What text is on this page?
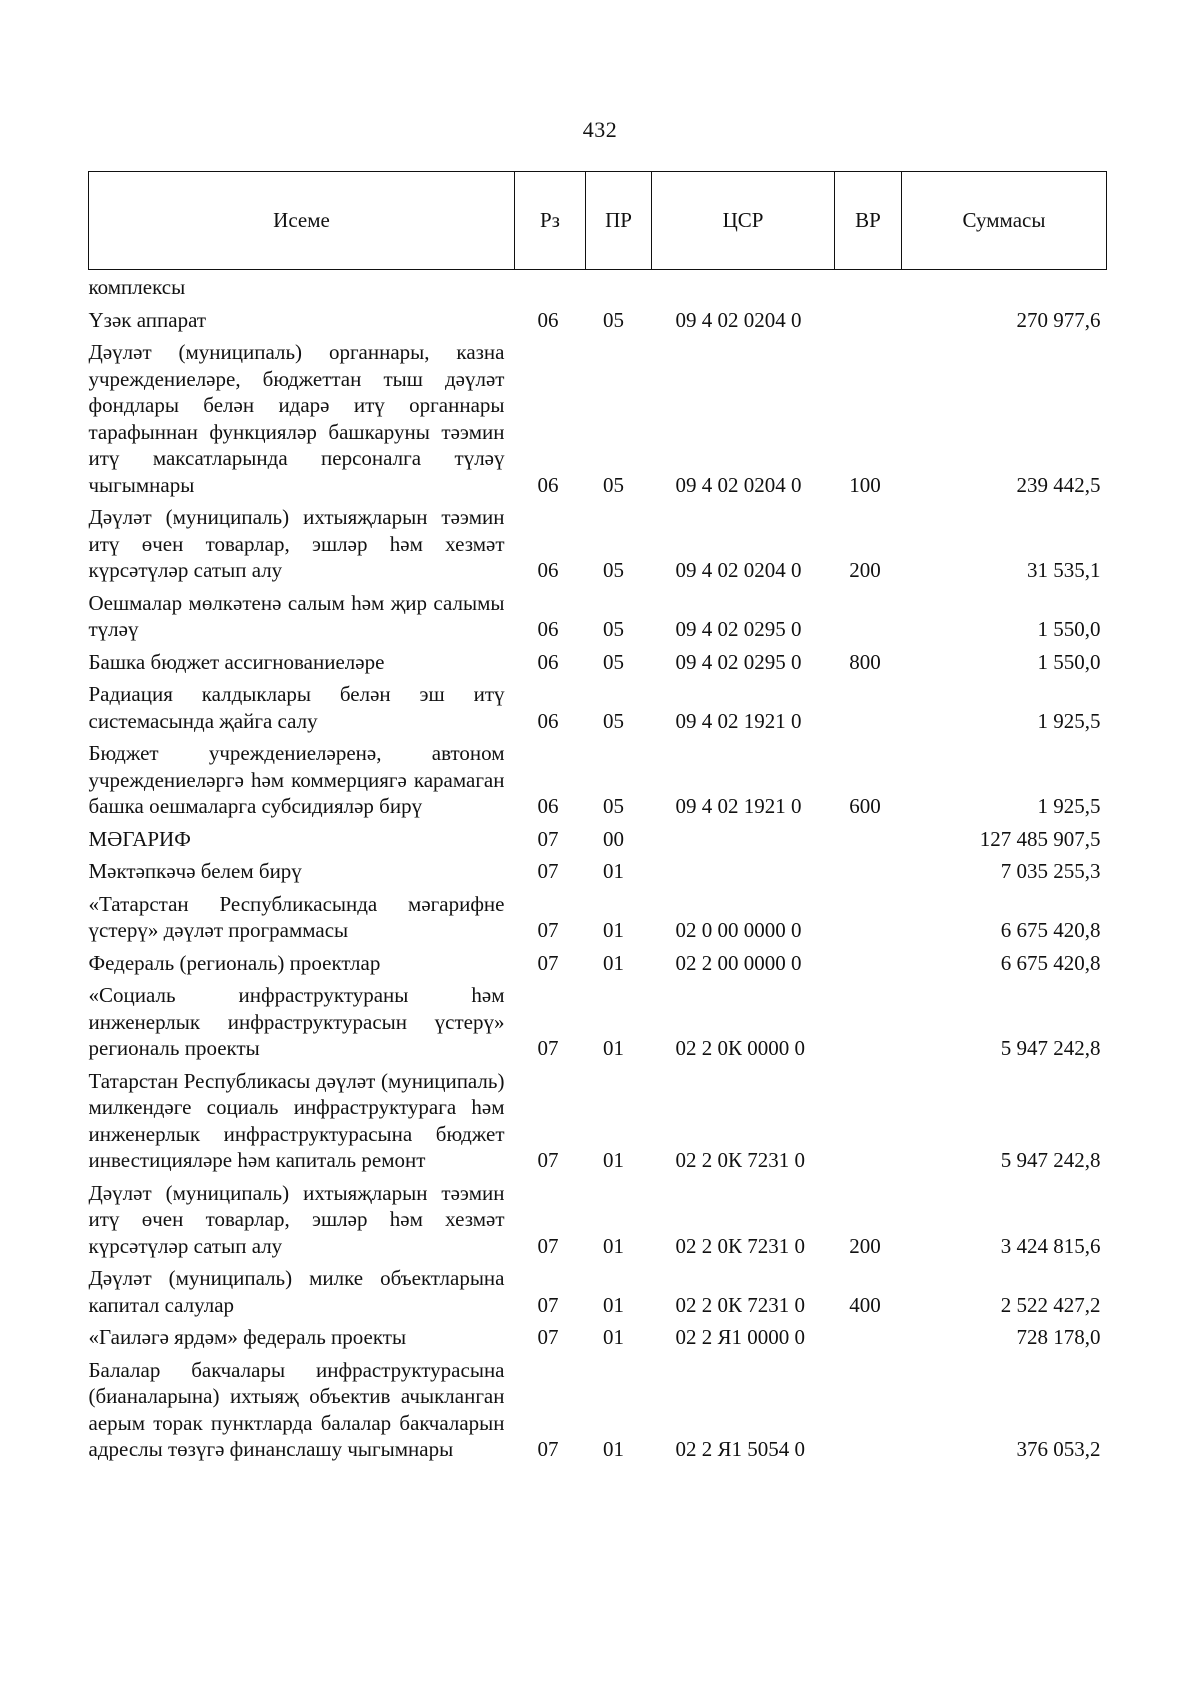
432
Исеме	Рз	ПР	ЦСР	ВР	Суммасы
комплексы					
Үзәк аппарат	06	05	09 4 02 0204 0		270 977,6
Дәүләт (муниципаль) органнары, казна учреждениеләре, бюджеттан тыш дәүләт фондлары белән идарә итү органнары тарафыннан функцияләр башкаруны тәэмин итү максатларында персоналга түләү чыгымнары	06	05	09 4 02 0204 0	100	239 442,5
Дәүләт (муниципаль) ихтыяҗларын тәэмин итү өчен товарлар, эшләр һәм хезмәт күрсәтүләр сатып алу	06	05	09 4 02 0204 0	200	31 535,1
Оешмалар мөлкәтенә салым һәм җир салымы түләү	06	05	09 4 02 0295 0		1 550,0
Башка бюджет ассигнованиеләре	06	05	09 4 02 0295 0	800	1 550,0
Радиация калдыклары белән эш итү системасында җайга салу	06	05	09 4 02 1921 0		1 925,5
Бюджет учреждениеләренә, автоном учреждениеләргә һәм коммерциягә карамаган башка оешмаларга субсидияләр бирү	06	05	09 4 02 1921 0	600	1 925,5
МӘГАРИФ	07	00			127 485 907,5
Мәктәпкәчә белем бирү	07	01			7 035 255,3
«Татарстан Республикасында мәгарифне үстерү» дәүләт программасы	07	01	02 0 00 0000 0		6 675 420,8
Федераль (региональ) проектлар	07	01	02 2 00 0000 0		6 675 420,8
«Социаль инфраструктураны һәм инженерлык инфраструктурасын үстерү» региональ проекты	07	01	02 2 0К 0000 0		5 947 242,8
Татарстан Республикасы дәүләт (муниципаль) милкендәге социаль инфраструктурага һәм инженерлык инфраструктурасына бюджет инвестицияләре һәм капиталь ремонт	07	01	02 2 0К 7231 0		5 947 242,8
Дәүләт (муниципаль) ихтыяҗларын тәэмин итү өчен товарлар, эшләр һәм хезмәт күрсәтүләр сатып алу	07	01	02 2 0К 7231 0	200	3 424 815,6
Дәүләт (муниципаль) милке объектларына капитал салулар	07	01	02 2 0К 7231 0	400	2 522 427,2
«Гаиләгә ярдәм» федераль проекты	07	01	02 2 Я1 0000 0		728 178,0
Балалар бакчалары инфраструктурасына (бианаларына) ихтыяҗ объектив ачыкланган аерым торак пунктларда балалар бакчаларын адреслы төзүгә финанслашу чыгымнары	07	01	02 2 Я1 5054 0		376 053,2
